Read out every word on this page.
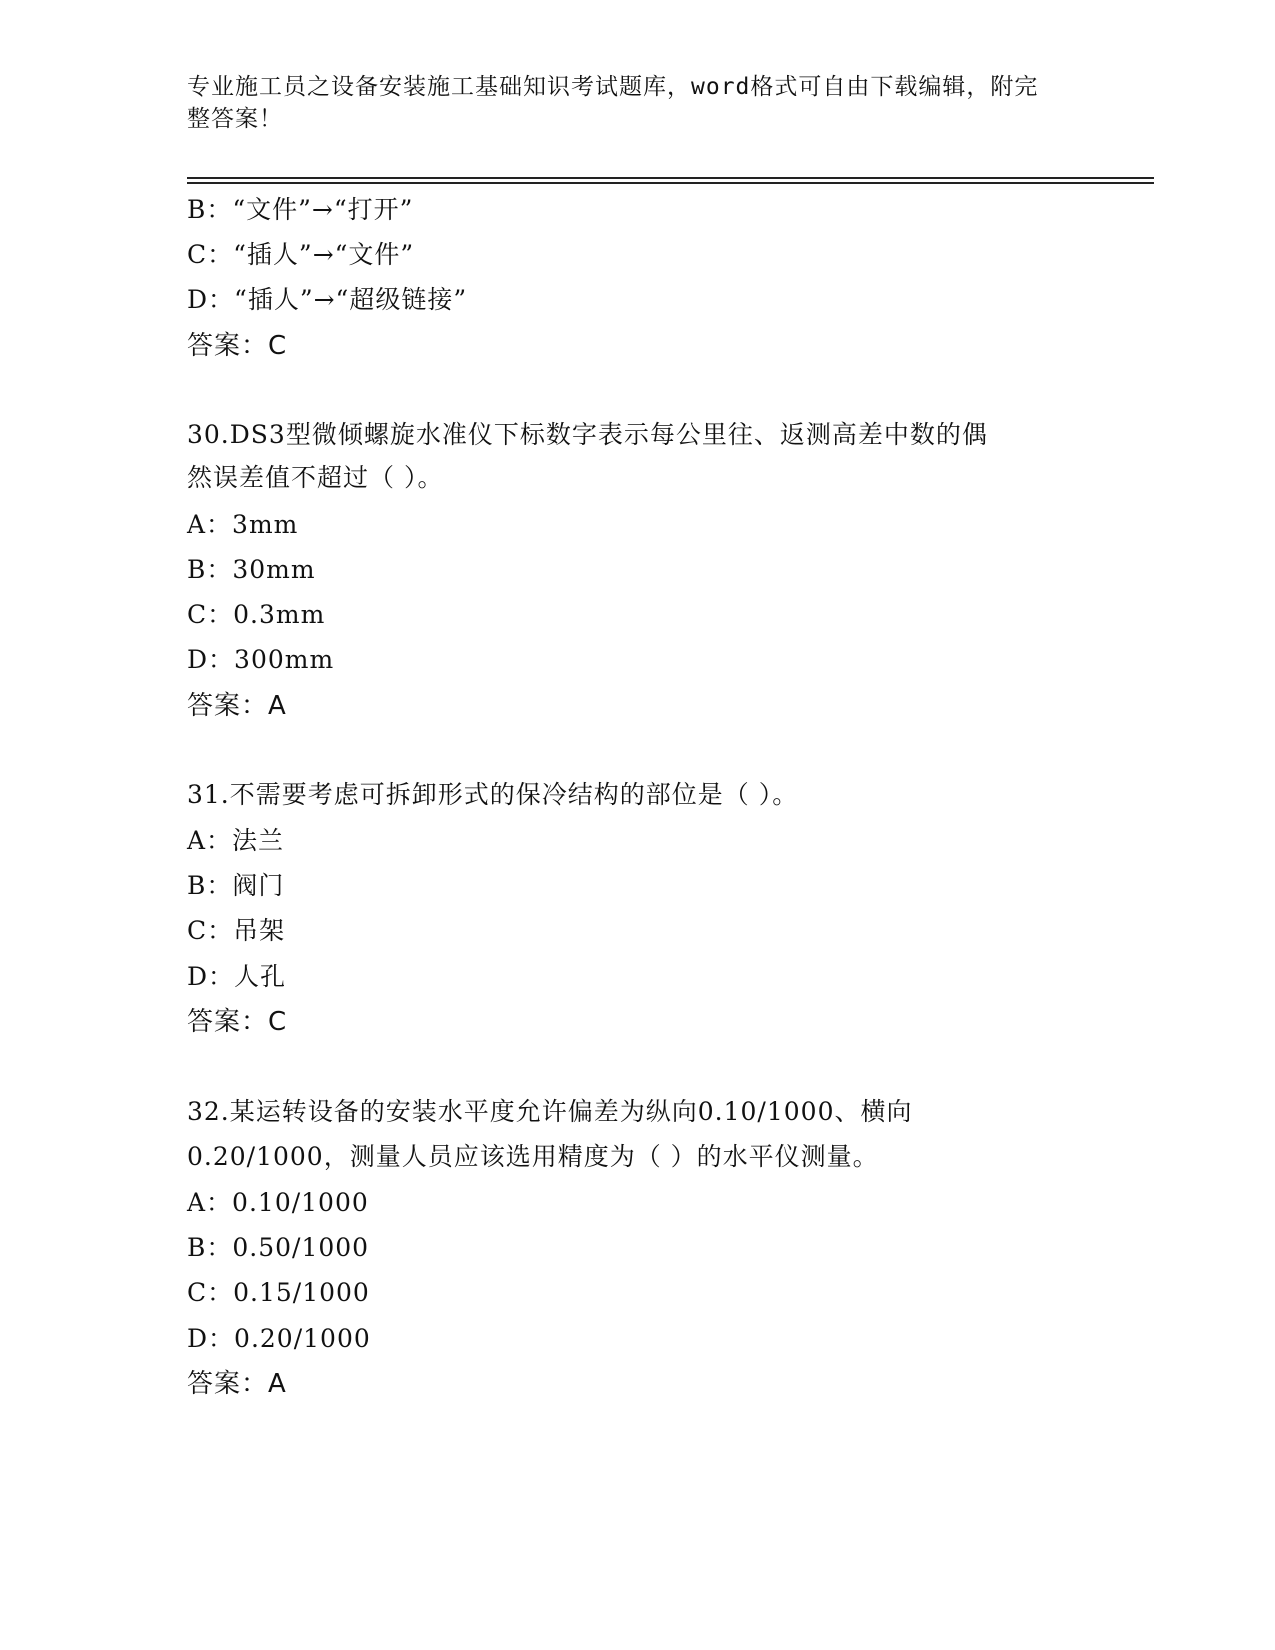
专业施工员之设备安装施工基础知识考试题库，word格式可自由下载编辑，附完
整答案！
B：“文件”→“打开”
C：“插人”→“文件”
D：“插人”→“超级链接”
答案：C
30.DS3型微倾螺旋水准仪下标数字表示每公里往、返测高差中数的偶
然误差值不超过（ ）。
A：3mm
B：30mm
C：0.3mm
D：300mm
答案：A
31.不需要考虑可拆卸形式的保冷结构的部位是（ ）。
A：法兰
B：阀门
C：吊架
D：人孔
答案：C
32.某运转设备的安装水平度允许偏差为纵向0.10/1000、横向
0.20/1000，测量人员应该选用精度为（ ）的水平仪测量。
A：0.10/1000
B：0.50/1000
C：0.15/1000
D：0.20/1000
答案：A
